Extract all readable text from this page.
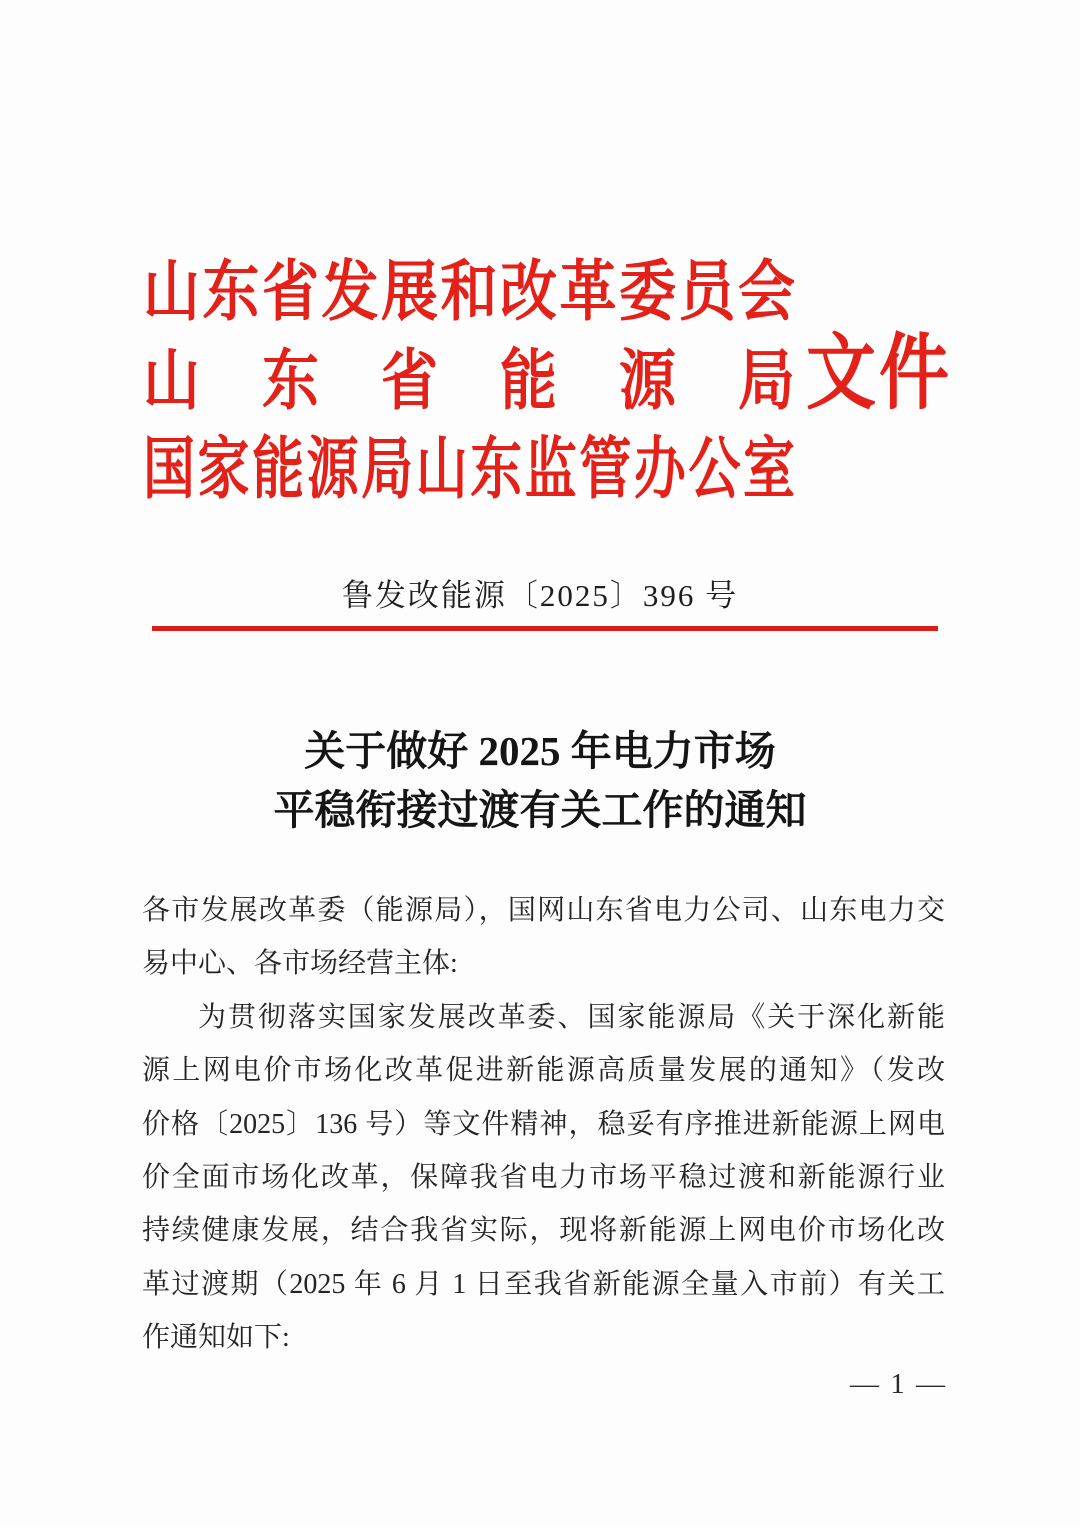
山东省发展和改革委员会
山东省能源局
国家能源局山东监管办公室
文件
鲁发改能源〔2025〕396 号
关于做好 2025 年电力市场
平稳衔接过渡有关工作的通知
各市发展改革委（能源局），国网山东省电力公司、山东电力交
易中心、各市场经营主体:
为贯彻落实国家发展改革委、国家能源局《关于深化新能
源上网电价市场化改革促进新能源高质量发展的通知》（发改
价格〔2025〕136 号）等文件精神，稳妥有序推进新能源上网电
价全面市场化改革，保障我省电力市场平稳过渡和新能源行业
持续健康发展，结合我省实际，现将新能源上网电价市场化改
革过渡期（2025 年 6 月 1 日至我省新能源全量入市前）有关工
作通知如下:
— 1 —
